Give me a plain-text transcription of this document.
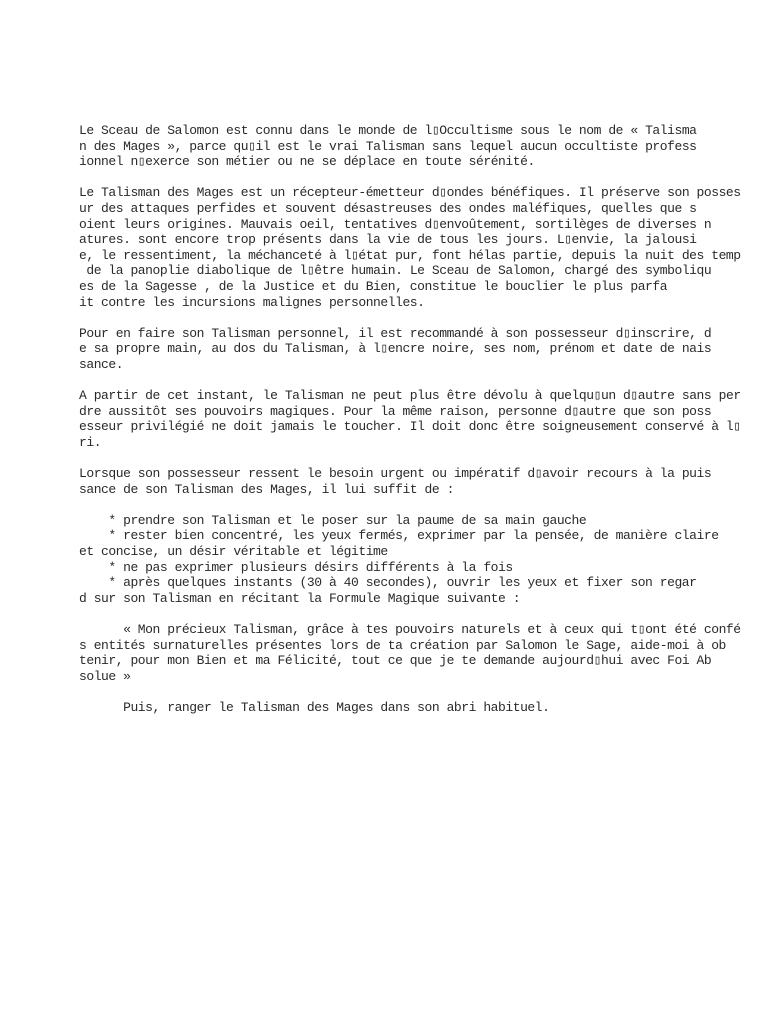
Le Sceau de Salomon est connu dans le monde de l▯Occultisme sous le nom de « Talisma
n des Mages », parce qu▯il est le vrai Talisman sans lequel aucun occultiste profess
ionnel n▯exerce son métier ou ne se déplace en toute sérénité.
Le Talisman des Mages est un récepteur-émetteur d▯ondes bénéfiques. Il préserve son posses
ur des attaques perfides et souvent désastreuses des ondes maléfiques, quelles que s
oient leurs origines. Mauvais oeil, tentatives d▯envoûtement, sortilèges de diverses n
atures. sont encore trop présents dans la vie de tous les jours. L▯envie, la jalousi
e, le ressentiment, la méchanceté à l▯état pur, font hélas partie, depuis la nuit des temp
de la panoplie diabolique de l▯être humain. Le Sceau de Salomon, chargé des symboliqu
es de la Sagesse , de la Justice et du Bien, constitue le bouclier le plus parfa
it contre les incursions malignes personnelles.
Pour en faire son Talisman personnel, il est recommandé à son possesseur d▯inscrire, d
e sa propre main, au dos du Talisman, à l▯encre noire, ses nom, prénom et date de nais
sance.
A partir de cet instant, le Talisman ne peut plus être dévolu à quelqu▯un d▯autre sans per
dre aussitôt ses pouvoirs magiques. Pour la même raison, personne d▯autre que son poss
esseur privilégié ne doit jamais le toucher. Il doit donc être soigneusement conservé à l▯
ri.
Lorsque son possesseur ressent le besoin urgent ou impératif d▯avoir recours à la puis
sance de son Talisman des Mages, il lui suffit de :
* prendre son Talisman et le poser sur la paume de sa main gauche
* rester bien concentré, les yeux fermés, exprimer par la pensée, de manière claire
et concise, un désir véritable et légitime
* ne pas exprimer plusieurs désirs différents à la fois
* après quelques instants (30 à 40 secondes), ouvrir les yeux et fixer son regar
d sur son Talisman en récitant la Formule Magique suivante :
« Mon précieux Talisman, grâce à tes pouvoirs naturels et à ceux qui t▯ont été confé
s entités surnaturelles présentes lors de ta création par Salomon le Sage, aide-moi à ob
tenir, pour mon Bien et ma Félicité, tout ce que je te demande aujourd▯hui avec Foi Ab
solue »
Puis, ranger le Talisman des Mages dans son abri habituel.
